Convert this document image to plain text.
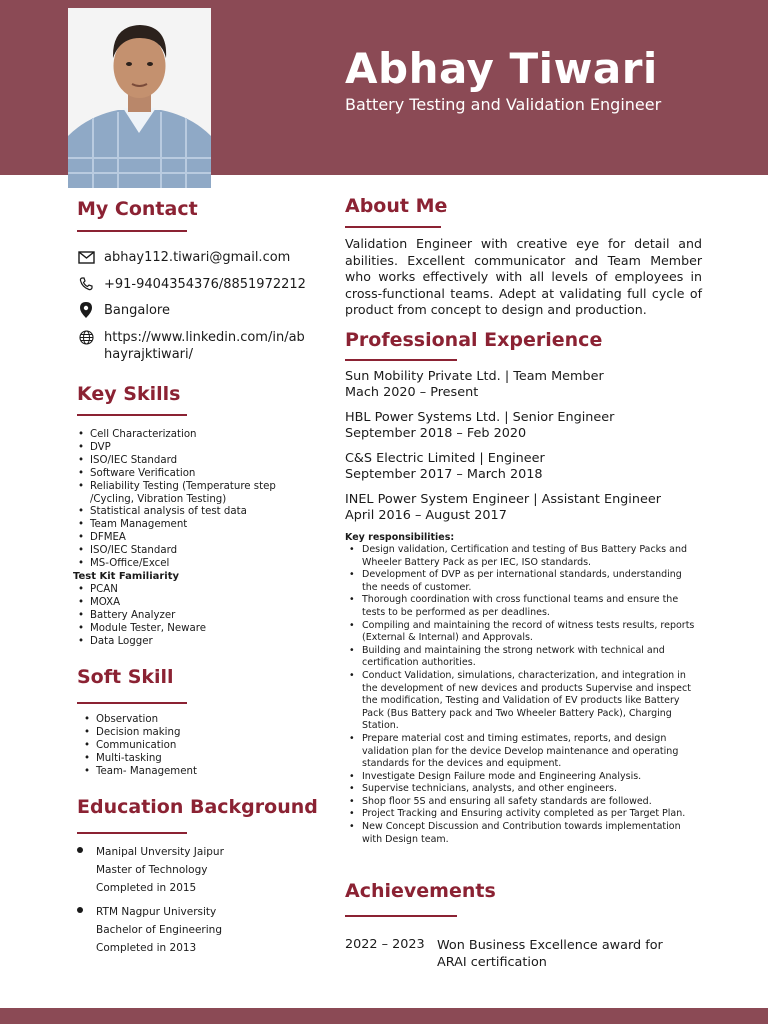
Abhay Tiwari
Battery Testing and Validation Engineer
My Contact
abhay112.tiwari@gmail.com
+91-9404354376/8851972212
Bangalore
https://www.linkedin.com/in/abhayrajktiwari/
Key Skills
• Cell Characterization
• DVP
• ISO/IEC Standard
• Software Verification
• Reliability Testing (Temperature step /Cycling, Vibration Testing)
• Statistical analysis of test data
• Team Management
• DFMEA
• ISO/IEC Standard
• MS-Office/Excel
Test Kit Familiarity
• PCAN
• MOXA
• Battery Analyzer
• Module Tester, Neware
• Data Logger
Soft Skill
• Observation
• Decision making
• Communication
• Multi-tasking
• Team- Management
Education Background
Manipal Unversity Jaipur
Master of Technology
Completed in 2015
RTM Nagpur University
Bachelor of Engineering
Completed in 2013
About Me
Validation Engineer with creative eye for detail and abilities. Excellent communicator and Team Member who works effectively with all levels of employees in cross-functional teams. Adept at validating full cycle of product from concept to design and production.
Professional Experience
Sun Mobility Private Ltd. | Team Member
Mach 2020 – Present
HBL Power Systems Ltd. | Senior Engineer
September 2018 – Feb 2020
C&S Electric Limited | Engineer
September 2017 – March 2018
INEL Power System Engineer | Assistant Engineer
April 2016 – August 2017
Key responsibilities:
• Design validation, Certification and testing of Bus Battery Packs and Wheeler Battery Pack as per IEC, ISO standards.
• Development of DVP as per international standards, understanding the needs of customer.
• Thorough coordination with cross functional teams and ensure the tests to be performed as per deadlines.
• Compiling and maintaining the record of witness tests results, reports (External & Internal) and Approvals.
• Building and maintaining the strong network with technical and certification authorities.
• Conduct Validation, simulations, characterization, and integration in the development of new devices and products Supervise and inspect the modification, Testing and Validation of EV products like Battery Pack (Bus Battery pack and Two Wheeler Battery Pack), Charging Station.
• Prepare material cost and timing estimates, reports, and design validation plan for the device Develop maintenance and operating standards for the devices and equipment.
• Investigate Design Failure mode and Engineering Analysis.
• Supervise technicians, analysts, and other engineers.
• Shop floor 5S and ensuring all safety standards are followed.
• Project Tracking and Ensuring activity completed as per Target Plan.
• New Concept Discussion and Contribution towards implementation with Design team.
Achievements
2022 – 2023 Won Business Excellence award for ARAI certification
